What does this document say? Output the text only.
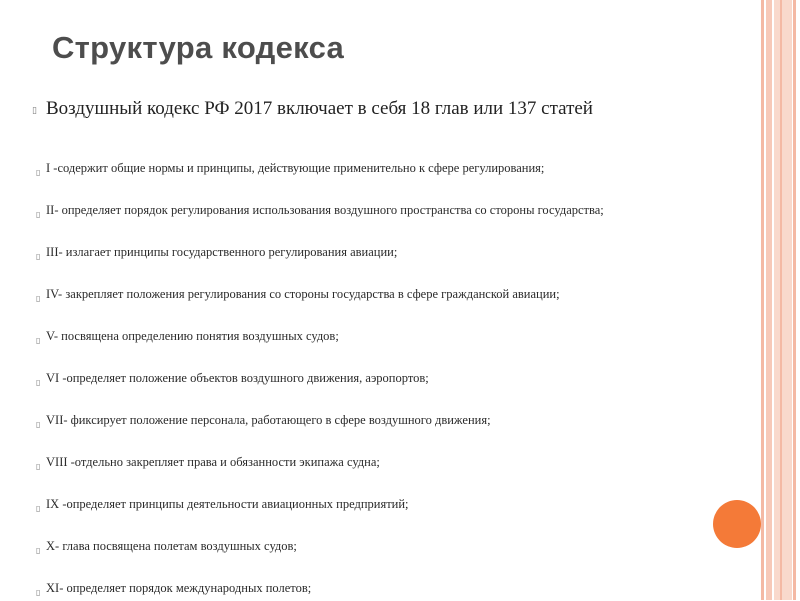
Структура кодекса
▯ Воздушный кодекс РФ 2017 включает в себя 18 глав или 137 статей
▯ I -содержит общие нормы и принципы, действующие применительно к сфере регулирования;
▯ II- определяет порядок регулирования использования воздушного пространства со стороны государства;
▯ III- излагает принципы государственного регулирования авиации;
▯ IV- закрепляет положения регулирования со стороны государства в сфере гражданской авиации;
▯ V- посвящена определению понятия воздушных судов;
▯ VI -определяет положение объектов воздушного движения, аэропортов;
▯ VII- фиксирует положение персонала, работающего в сфере воздушного движения;
▯ VIII -отдельно закрепляет права и обязанности экипажа судна;
▯ IX -определяет принципы деятельности авиационных предприятий;
▯ X- глава посвящена полетам воздушных судов;
▯ XI- определяет порядок международных полетов;
